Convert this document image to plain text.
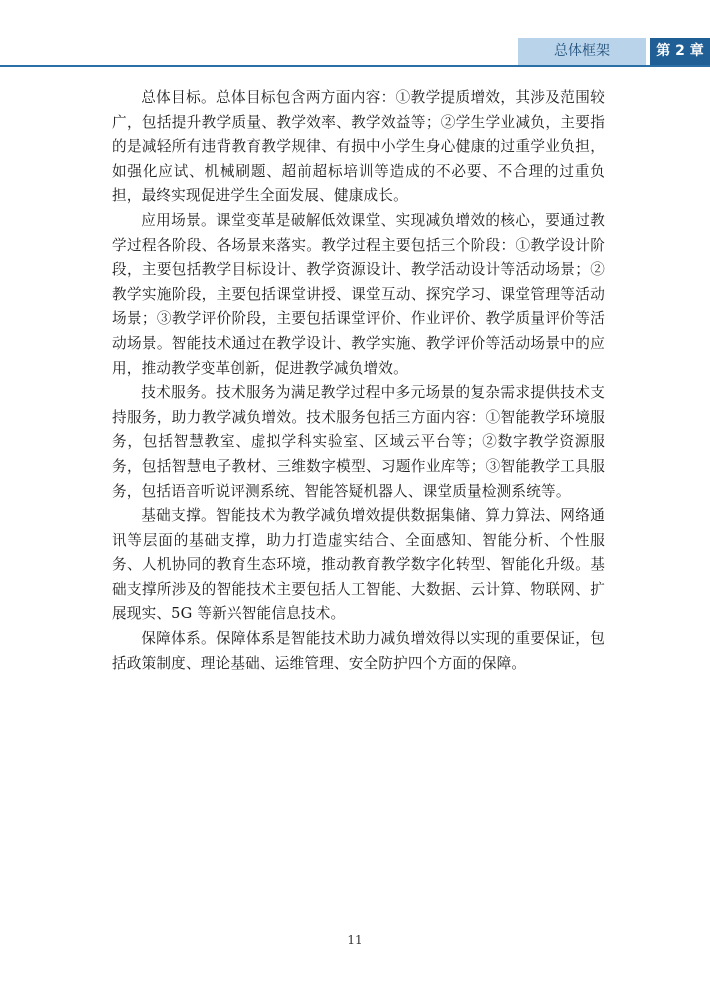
总体框架	第 2 章

总体目标。总体目标包含两方面内容：①教学提质增效，其涉及范围较广，包括提升教学质量、教学效率、教学效益等；②学生学业减负，主要指的是减轻所有违背教育教学规律、有损中小学生身心健康的过重学业负担，如强化应试、机械刷题、超前超标培训等造成的不必要、不合理的过重负担，最终实现促进学生全面发展、健康成长。

应用场景。课堂变革是破解低效课堂、实现减负增效的核心，要通过教学过程各阶段、各场景来落实。教学过程主要包括三个阶段：①教学设计阶段，主要包括教学目标设计、教学资源设计、教学活动设计等活动场景；②教学实施阶段，主要包括课堂讲授、课堂互动、探究学习、课堂管理等活动场景；③教学评价阶段，主要包括课堂评价、作业评价、教学质量评价等活动场景。智能技术通过在教学设计、教学实施、教学评价等活动场景中的应用，推动教学变革创新，促进教学减负增效。

技术服务。技术服务为满足教学过程中多元场景的复杂需求提供技术支持服务，助力教学减负增效。技术服务包括三方面内容：①智能教学环境服务，包括智慧教室、虚拟学科实验室、区域云平台等；②数字教学资源服务，包括智慧电子教材、三维数字模型、习题作业库等；③智能教学工具服务，包括语音听说评测系统、智能答疑机器人、课堂质量检测系统等。

基础支撑。智能技术为教学减负增效提供数据集储、算力算法、网络通讯等层面的基础支撑，助力打造虚实结合、全面感知、智能分析、个性服务、人机协同的教育生态环境，推动教育教学数字化转型、智能化升级。基础支撑所涉及的智能技术主要包括人工智能、大数据、云计算、物联网、扩展现实、5G 等新兴智能信息技术。

保障体系。保障体系是智能技术助力减负增效得以实现的重要保证，包括政策制度、理论基础、运维管理、安全防护四个方面的保障。

11
